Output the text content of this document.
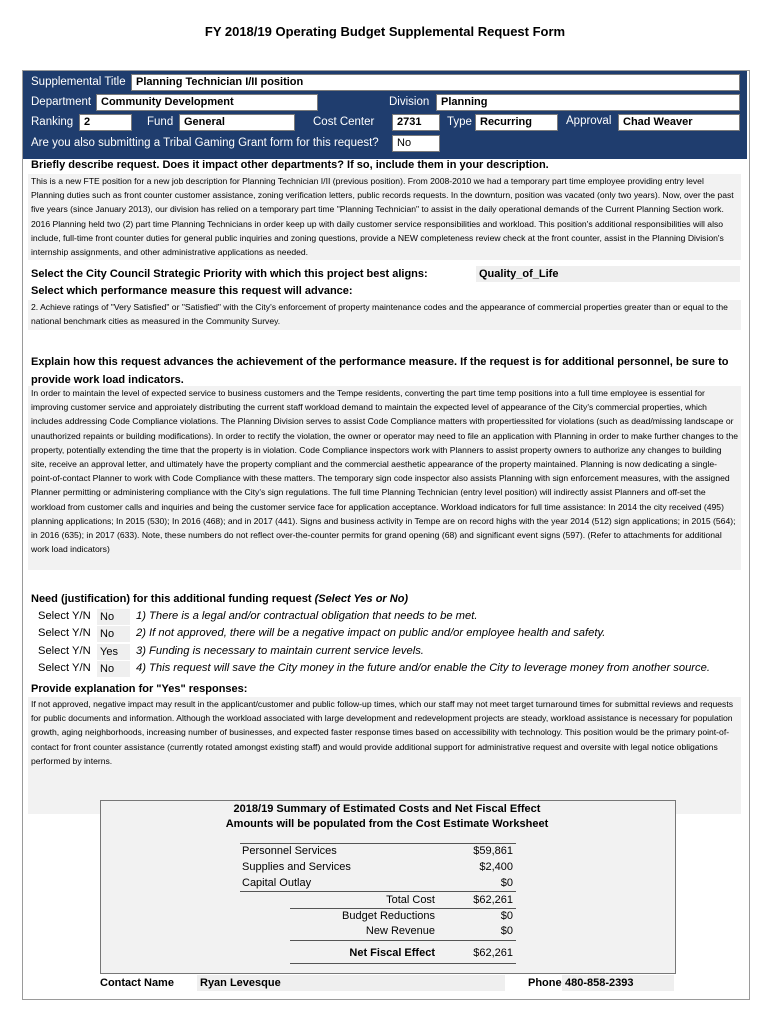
FY 2018/19 Operating Budget Supplemental Request Form
Supplemental Title Planning Technician I/II position
Department Community Development	Division	Planning
Ranking 2	Fund General	Cost Center	2731	Type Recurring	Approval	Chad Weaver
Are you also submitting a Tribal Gaming Grant form for this request?	No
Briefly describe request. Does it impact other departments? If so, include them in your description.
This is a new FTE position for a new job description for Planning Technician I/II (previous position). From 2008-2010 we had a temporary part time employee providing entry level Planning duties such as front counter customer assistance, zoning verification letters, public records requests. In the downturn, position was vacated (only two years). Now, over the past five years (since January 2013), our division has relied on a temporary part time "Planning Technician" to assist in the daily operational demands of the Current Planning Section work. 2016 Planning held two (2) part time Planning Technicians in order keep up with daily customer service responsibilities and workload. This position's additional responsibilities will also include, full-time front counter duties for general public inquiries and zoning questions, provide a NEW completeness review check at the front counter, assist in the Planning Division's internship assignments, and other administrative applications as needed.
Select the City Council Strategic Priority with which this project best aligns:	Quality_of_Life
Select which performance measure this request will advance:
2. Achieve ratings of "Very Satisfied" or "Satisfied" with the City's enforcement of property maintenance codes and the appearance of commercial properties greater than or equal to the national benchmark cities as measured in the Community Survey.
Explain how this request advances the achievement of the performance measure. If the request is for additional personnel, be sure to provide work load indicators.
In order to maintain the level of expected service to business customers and the Tempe residents, converting the part time temp positions into a full time employee is essential for improving customer service and approiately distributing the current staff workload demand to maintain the expected level of appearance of the City's commercial properties, which includes addressing Code Compliance violations. The Planning Division serves to assist Code Compliance matters with propertiessited for violations (such as dead/missing landscape or unauthorized repaints or building modifications). In order to rectify the violation, the owner or operator may need to file an application with Planning in order to make further changes to the property, potentially extending the time that the property is in violation. Code Compliance inspectors work with Planners to assist property owners to authorize any changes to building site, receive an approval letter, and ultimately have the property compliant and the commercial aesthetic appearance of the property maintained. Planning is now dedicating a single-point-of-contact Planner to work with Code Compliance with these matters. The temporary sign code inspector also assists Planning with sign enforcement measures, with the assigned Planner permitting or administering compliance with the City's sign regulations. The full time Planning Technician (entry level position) will indirectly assist Planners and off-set the workload from customer calls and inquiries and being the customer service face for application acceptance. Workload indicators for full time assistance: In 2014 the city received (495) planning applications; In 2015 (530); In 2016 (468); and in 2017 (441). Signs and business activity in Tempe are on record highs with the year 2014 (512) sign applications; in 2015 (564); in 2016 (635); in 2017 (633). Note, these numbers do not reflect over-the-counter permits for grand opening (68) and significant event signs (597). (Refer to attachments for additional work load indicators)
Need (justification) for this additional funding request (Select Yes or No)
Select Y/N No	1) There is a legal and/or contractual obligation that needs to be met.
Select Y/N No	2) If not approved, there will be a negative impact on public and/or employee health and safety.
Select Y/N Yes	3) Funding is necessary to maintain current service levels.
Select Y/N No	4) This request will save the City money in the future and/or enable the City to leverage money from another source.
Provide explanation for "Yes" responses:
If not approved, negative impact may result in the applicant/customer and public follow-up times, which our staff may not meet target turnaround times for submittal reviews and requests for public documents and information. Although the workload associated with large development and redevelopment projects are steady, workload assistance is necessary for population growth, aging neighborhoods, increasing number of businesses, and expected faster response times based on accessibility with technology. This position would be the primary point-of-contact for front counter assistance (currently rotated amongst existing staff) and would provide additional support for administrative request and oversite with legal notice obligations performed by interns.
2018/19 Summary of Estimated Costs and Net Fiscal Effect
Amounts will be populated from the Cost Estimate Worksheet
Personnel Services	$59,861
Supplies and Services	$2,400
Capital Outlay	$0
Total Cost	$62,261
Budget Reductions	$0
New Revenue	$0
Net Fiscal Effect	$62,261
Contact Name Ryan Levesque	Phone 480-858-2393
